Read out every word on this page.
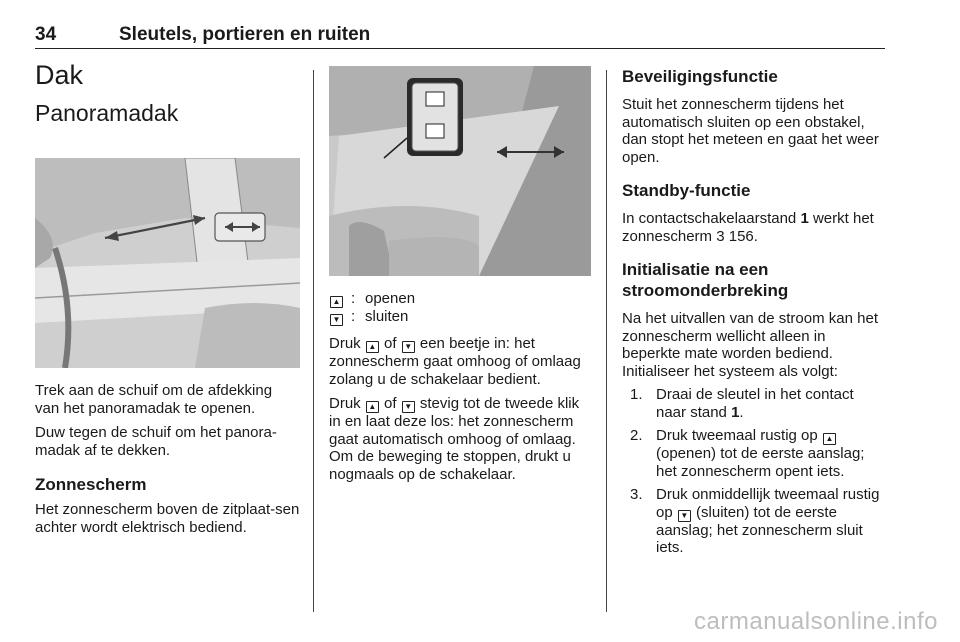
34	Sleutels, portieren en ruiten
Dak
Panoramadak

Trek aan de schuif om de afdekking van het panoramadak te openen.

Duw tegen de schuif om het panora-madak af te dekken.

Zonnescherm

Het zonnescherm boven de zitplaat-sen achter wordt elektrisch bediend.

▲ : openen
▼ : sluiten

Druk ▲ of ▼ een beetje in: het zonnescherm gaat omhoog of omlaag zolang u de schakelaar bedient.

Druk ▲ of ▼ stevig tot de tweede klik in en laat deze los: het zonnescherm gaat automatisch omhoog of omlaag. Om de beweging te stoppen, drukt u nogmaals op de schakelaar.

Beveiligingsfunctie

Stuit het zonnescherm tijdens het automatisch sluiten op een obstakel, dan stopt het meteen en gaat het weer open.

Standby-functie

In contactschakelaarstand 1 werkt het zonnescherm 3 156.

Initialisatie na een stroomonderbreking

Na het uitvallen van de stroom kan het zonnescherm wellicht alleen in beperkte mate worden bediend. Initialiseer het systeem als volgt:

1. Draai de sleutel in het contact naar stand 1.
2. Druk tweemaal rustig op ▲ (openen) tot de eerste aanslag; het zonnescherm opent iets.
3. Druk onmiddellijk tweemaal rustig op ▼ (sluiten) tot de eerste aanslag; het zonnescherm sluit iets.
carmanualsonline.info
